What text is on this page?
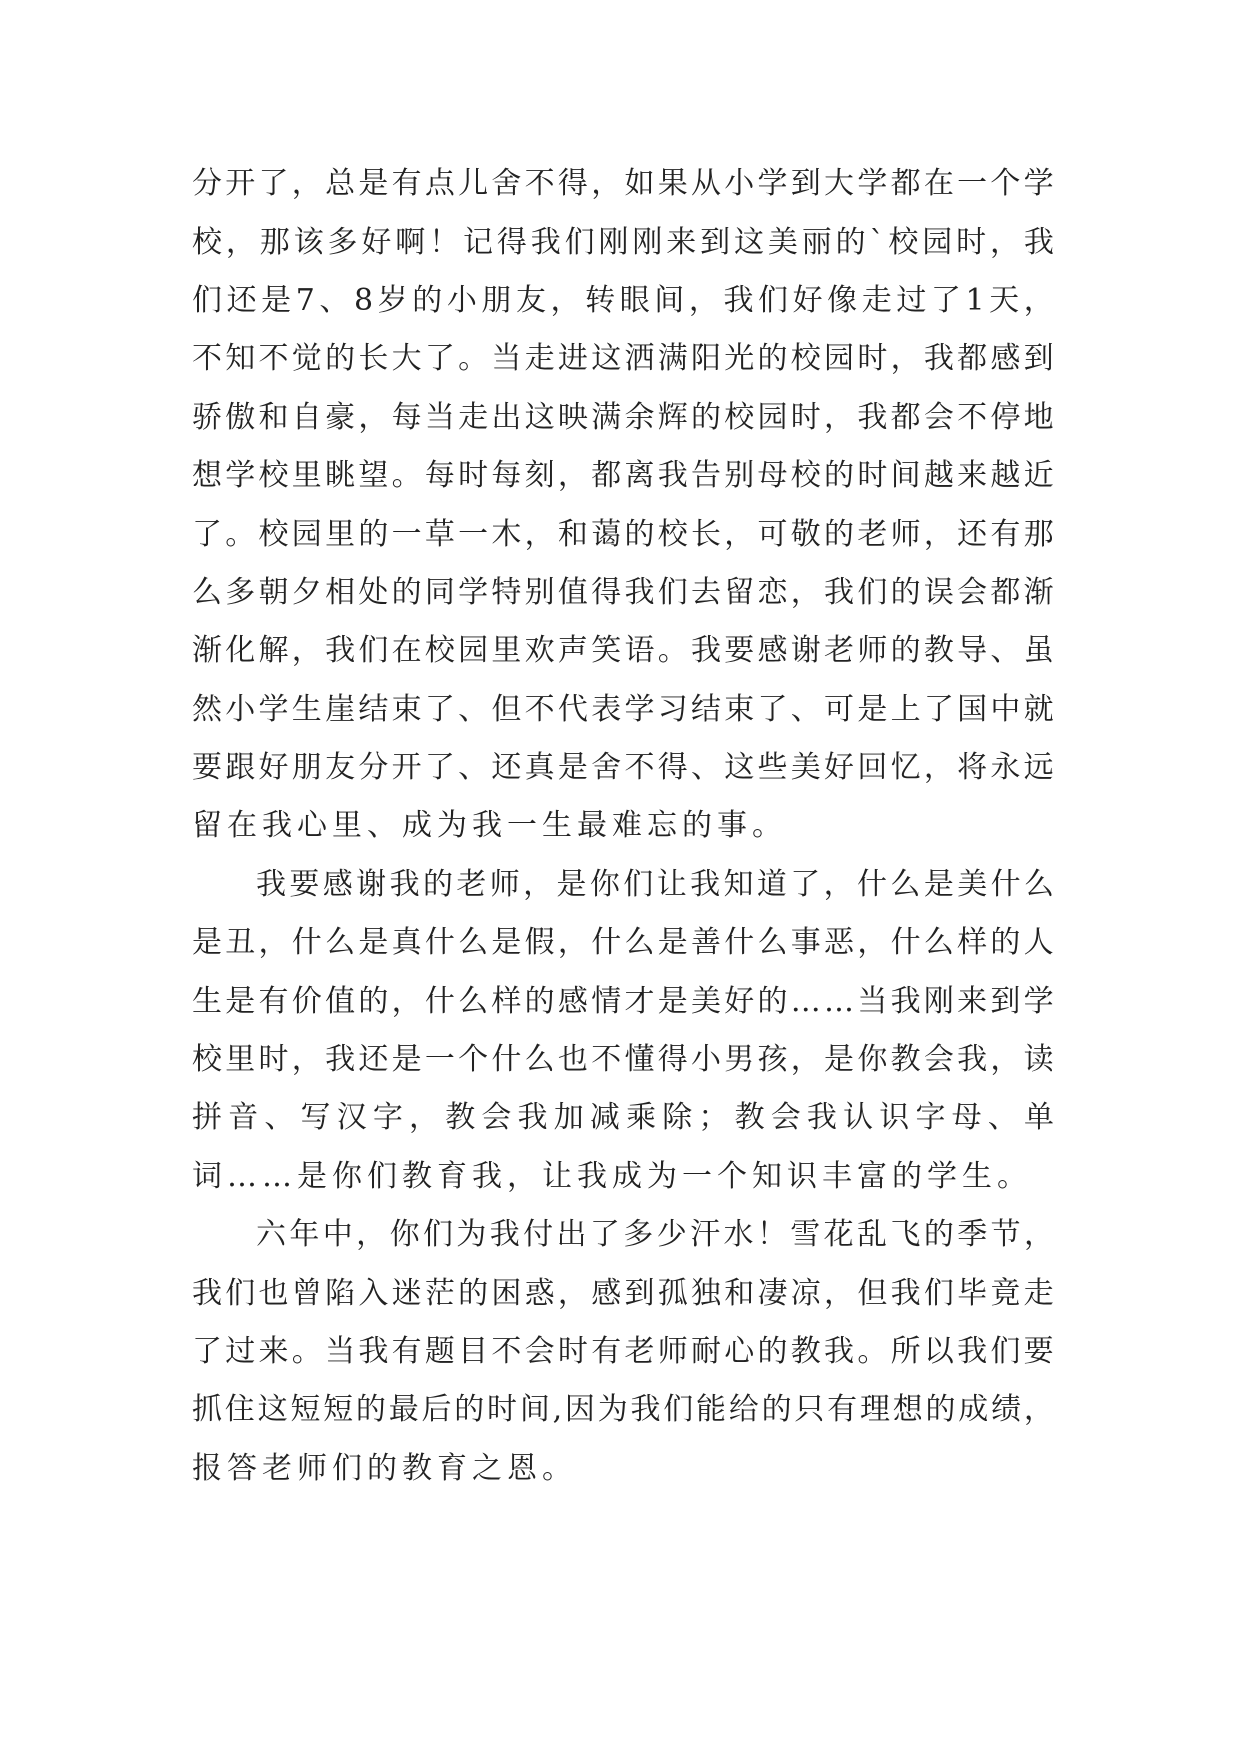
分 开 了 ， 总 是 有 点 儿 舍 不 得 ， 如 果 从 小 学 到 大 学 都 在 一 个 学
校 ， 那 该 多 好 啊 ！ 记 得 我 们 刚 刚 来 到 这 美 丽 的 ` 校 园 时 ， 我
们 还 是 7 、 8 岁 的 小 朋 友 ， 转 眼 间 ， 我 们 好 像 走 过 了 1 天 ，
不 知 不 觉 的 长 大 了 。 当 走 进 这 洒 满 阳 光 的 校 园 时 ， 我 都 感 到
骄 傲 和 自 豪 ， 每 当 走 出 这 映 满 余 辉 的 校 园 时 ， 我 都 会 不 停 地
想 学 校 里 眺 望 。 每 时 每 刻 ， 都 离 我 告 别 母 校 的 时 间 越 来 越 近
了 。 校 园 里 的 一 草 一 木 ， 和 蔼 的 校 长 ， 可 敬 的 老 师 ， 还 有 那
么 多 朝 夕 相 处 的 同 学 特 别 值 得 我 们 去 留 恋 ， 我 们 的 误 会 都 渐
渐 化 解 ， 我 们 在 校 园 里 欢 声 笑 语 。 我 要 感 谢 老 师 的 教 导 、 虽
然 小 学 生 崖 结 束 了 、 但 不 代 表 学 习 结 束 了 、 可 是 上 了 国 中 就
要 跟 好 朋 友 分 开 了 、 还 真 是 舍 不 得 、 这 些 美 好 回 忆 ， 将 永 远
留在我心里、成为我一生最难忘的事。
我 要 感 谢 我 的 老 师 ， 是 你 们 让 我 知 道 了 ， 什 么 是 美 什 么
是 丑 ， 什 么 是 真 什 么 是 假 ， 什 么 是 善 什 么 事 恶 ， 什 么 样 的 人
生 是 有 价 值 的 ， 什 么 样 的 感 情 才 是 美 好 的 … … 当 我 刚 来 到 学
校 里 时 ， 我 还 是 一 个 什 么 也 不 懂 得 小 男 孩 ， 是 你 教 会 我 ， 读
拼 音 、 写 汉 字 ， 教 会 我 加 减 乘 除 ； 教 会 我 认 识 字 母 、 单
词……是你们教育我，让我成为一个知识丰富的学生。
六 年 中 ， 你 们 为 我 付 出 了 多 少 汗 水 ！ 雪 花 乱 飞 的 季 节 ，
我 们 也 曾 陷 入 迷 茫 的 困 惑 ， 感 到 孤 独 和 凄 凉 ， 但 我 们 毕 竟 走
了 过 来 。 当 我 有 题 目 不 会 时 有 老 师 耐 心 的 教 我 。 所 以 我 们 要
抓 住 这 短 短 的 最 后 的 时 间 , 因 为 我 们 能 给 的 只 有 理 想 的 成 绩 ，
报答老师们的教育之恩。
